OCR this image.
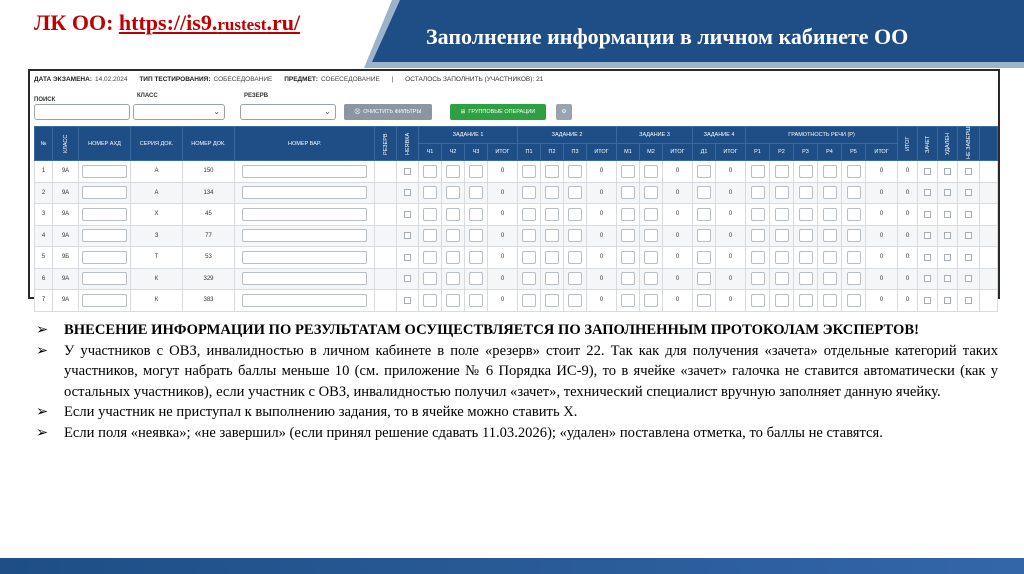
ЛК ОО: https://is9.rustest.ru/
Заполнение информации в личном кабинете ОО
ДАТА ЭКЗАМЕНА: 14.02.2024 ТИП ТЕСТИРОВАНИЯ: СОБЕСЕДОВАНИЕ ПРЕДМЕТ: СОБЕСЕДОВАНИЕ | ОСТАЛОСЬ ЗАПОЛНИТЬ (УЧАСТНИКОВ): 21
ПОИСК
КЛАСС
⌄
РЕЗЕРВ
⌄	⛒ ОЧИСТИТЬ ФИЛЬТРЫ	⊞ ГРУППОВЫЕ ОПЕРАЦИИ	⚙
№	КЛАСС	НОМЕР АХД	СЕРИЯ ДОК.	НОМЕР ДОК.	НОМЕР ВАР.	РЕЗЕРВ	НЕЯВКА	ЗАДАНИЕ 1				ЗАДАНИЕ 2				ЗАДАНИЕ 3			ЗАДАНИЕ 4		ГРАМОТНОСТЬ РЕЧИ (Р)						ИТОГ	ЗАЧЕТ	УДАЛЕН	НЕ ЗАВЕРШИЛ	
								Ч1	Ч2	Ч3	ИТОГ	П1	П2	П3	ИТОГ	М1	М2	ИТОГ	Д1	ИТОГ	Р1	Р2	Р3	Р4	Р5	ИТОГ					
1	9А		А	150							0				0			0		0						0	0				
2	9А		А	134							0				0			0		0						0	0				
3	9А		Х	45							0				0			0		0						0	0				
4	9А		З	77							0				0			0		0						0	0				
5	9Б		Т	53							0				0			0		0						0	0				
6	9А		К	329							0				0			0		0						0	0				
7	9А		К	383							0				0			0		0						0	0				
➢ ВНЕСЕНИЕ ИНФОРМАЦИИ ПО РЕЗУЛЬТАТАМ ОСУЩЕСТВЛЯЕТСЯ ПО ЗАПОЛНЕННЫМ ПРОТОКОЛАМ ЭКСПЕРТОВ!
➢ У участников с ОВЗ, инвалидностью в личном кабинете в поле «резерв» стоит 22. Так как для получения «зачета» отдельные категорий таких участников, могут набрать баллы меньше 10 (см. приложение № 6 Порядка ИС-9), то в ячейке «зачет» галочка не ставится автоматически (как у остальных участников), если участник с ОВЗ, инвалидностью получил «зачет», технический специалист вручную заполняет данную ячейку.
➢ Если участник не приступал к выполнению задания, то в ячейке можно ставить Х.
➢ Если поля «неявка»; «не завершил» (если принял решение сдавать 11.03.2026); «удален» поставлена отметка, то баллы не ставятся.
